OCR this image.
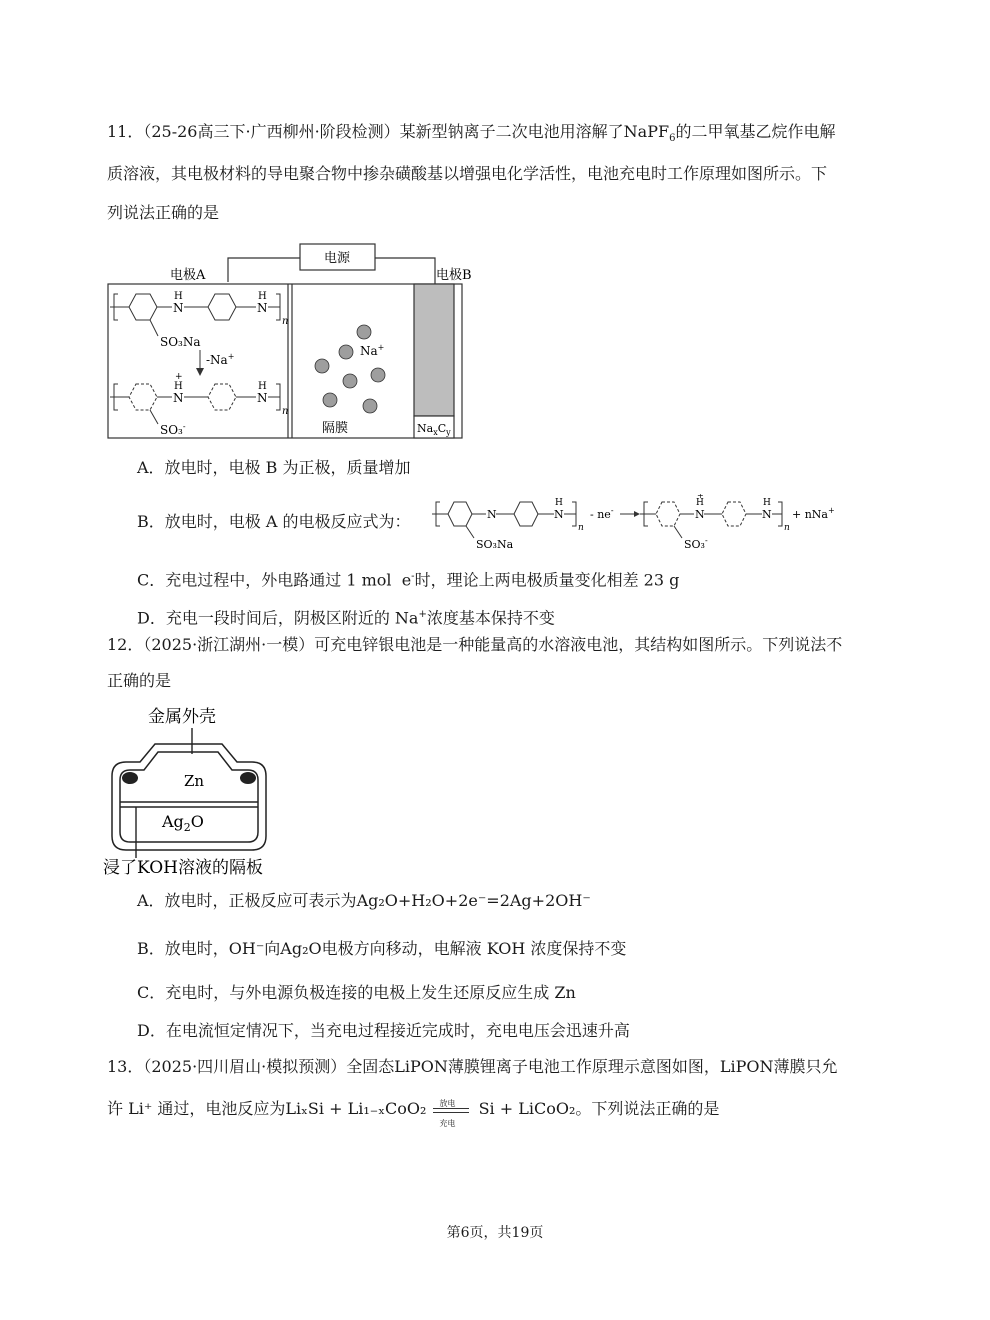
11．（25-26高三下·广西柳州·阶段检测）某新型钠离子二次电池用溶解了NaPF$_6$的二甲氧基乙烷作电解
质溶液，其电极材料的导电聚合物中掺杂磺酸基以增强电化学活性，电池充电时工作原理如图所示。下
列说法正确的是
电源
电极A	电极B
$Na_xC_y$
Na+
隔膜
N
H
N
H
n
SO₃Na
-Na+
N
H
+
N
H
n
SO₃-
A．放电时，电极 B 为正极，质量增加
B．放电时，电极 A 的电极反应式为：	N	N
H
n
SO₃Na
- ne-	N
H
+
N
H
n
SO₃-
+ nNa+
C．充电过程中，外电路通过 1 mol e-时，理论上两电极质量变化相差 23 g
D．充电一段时间后，阴极区附近的 Na+浓度基本保持不变
12．（2025·浙江湖州·一模）可充电锌银电池是一种能量高的水溶液电池，其结构如图所示。下列说法不
正确的是
金属外壳
Zn
$Ag_2O$
浸了KOH溶液的隔板
A．放电时，正极反应可表示为Ag₂O+H₂O+2e⁻=2Ag+2OH⁻
B．放电时，OH⁻向Ag₂O电极方向移动，电解液 KOH 浓度保持不变
C．充电时，与外电源负极连接的电极上发生还原反应生成 Zn
D．在电流恒定情况下，当充电过程接近完成时，充电电压会迅速升高
13．（2025·四川眉山·模拟预测）全固态LiPON薄膜锂离子电池工作原理示意图如图，LiPON薄膜只允
许 Li⁺ 通过，电池反应为LiₓSi + Li₁₋ₓCoO₂ 放电
充电
Si + LiCoO₂。下列说法正确的是
第6页，共19页
